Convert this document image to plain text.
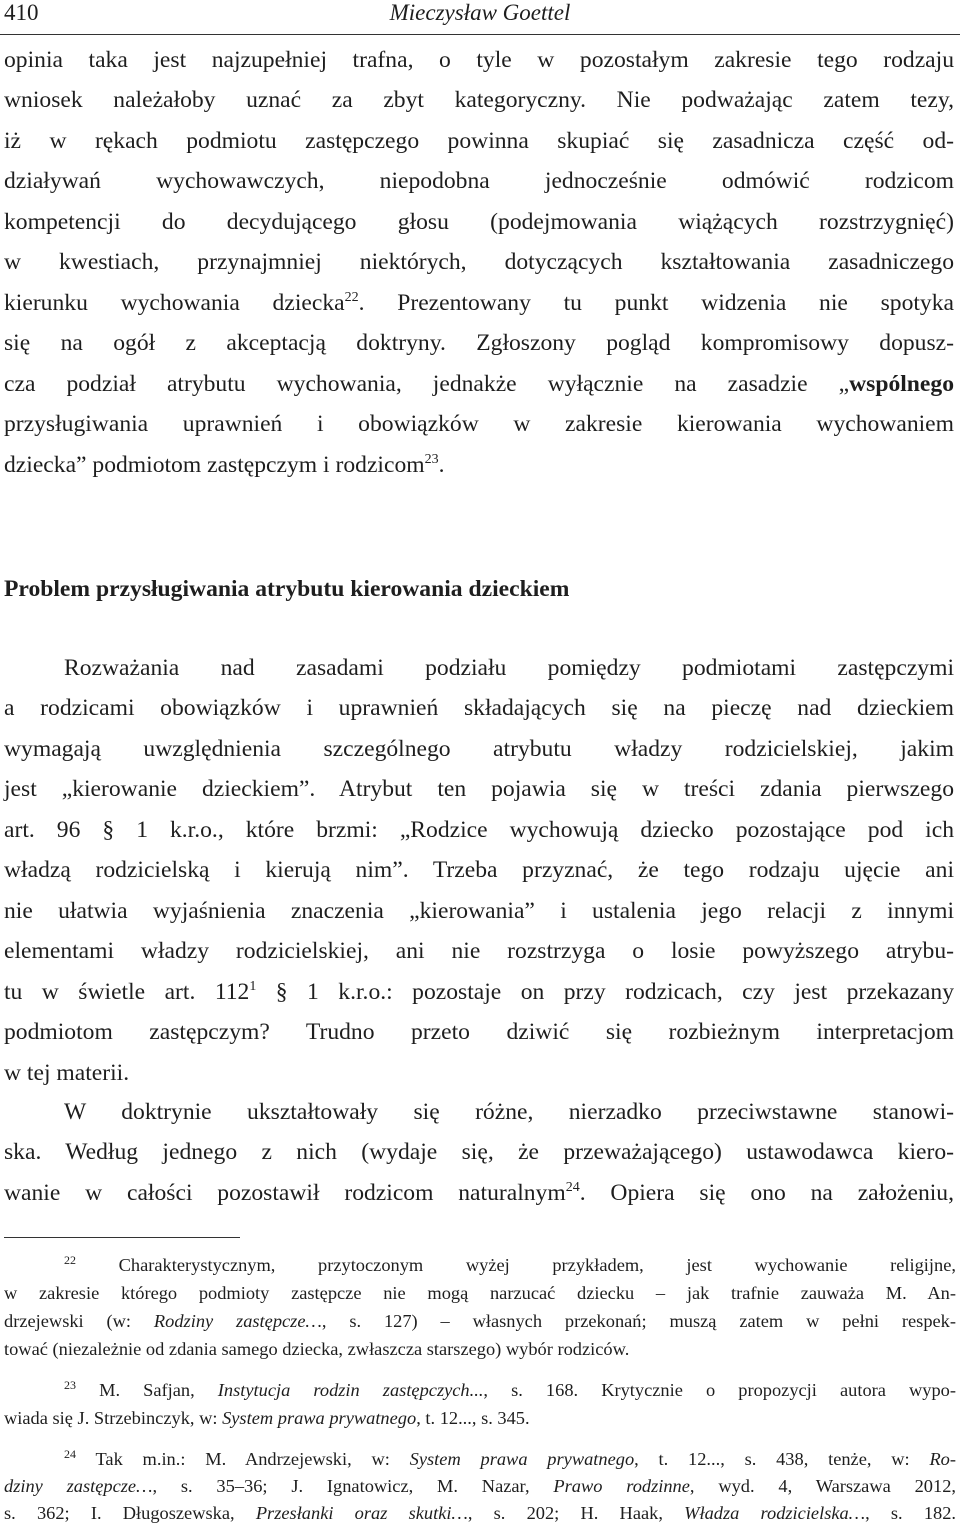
410	Mieczysław Goettel
opinia taka jest najzupełniej trafna, o tyle w pozostałym zakresie tego rodzaju
wniosek należałoby uznać za zbyt kategoryczny. Nie podważając zatem tezy,
iż w rękach podmiotu zastępczego powinna skupiać się zasadnicza część od-
działywań wychowawczych, niepodobna jednocześnie odmówić rodzicom
kompetencji do decydującego głosu (podejmowania wiążących rozstrzygnięć)
w kwestiach, przynajmniej niektórych, dotyczących kształtowania zasadniczego
kierunku wychowania dziecka$^{22}$. Prezentowany tu punkt widzenia nie spotyka
się na ogół z akceptacją doktryny. Zgłoszony pogląd kompromisowy dopusz-
cza podział atrybutu wychowania, jednakże wyłącznie na zasadzie „wspólnego
przysługiwania uprawnień i obowiązków w zakresie kierowania wychowaniem
dziecka” podmiotom zastępczym i rodzicom$^{23}$.
Problem przysługiwania atrybutu kierowania dzieckiem
Rozważania nad zasadami podziału pomiędzy podmiotami zastępczymi
a rodzicami obowiązków i uprawnień składających się na pieczę nad dzieckiem
wymagają uwzględnienia szczególnego atrybutu władzy rodzicielskiej, jakim
jest „kierowanie dzieckiem”. Atrybut ten pojawia się w treści zdania pierwszego
art. 96 § 1 k.r.o., które brzmi: „Rodzice wychowują dziecko pozostające pod ich
władzą rodzicielską i kierują nim”. Trzeba przyznać, że tego rodzaju ujęcie ani
nie ułatwia wyjaśnienia znaczenia „kierowania” i ustalenia jego relacji z innymi
elementami władzy rodzicielskiej, ani nie rozstrzyga o losie powyższego atrybu-
tu w świetle art. $112^1$ § 1 k.r.o.: pozostaje on przy rodzicach, czy jest przekazany
podmiotom zastępczym? Trudno przeto dziwić się rozbieżnym interpretacjom
w tej materii.
W doktrynie ukształtowały się różne, nierzadko przeciwstawne stanowi-
ska. Według jednego z nich (wydaje się, że przeważającego) ustawodawca kiero-
wanie w całości pozostawił rodzicom naturalnym$^{24}$. Opiera się ono na założeniu,
$^{22}$ Charakterystycznym, przytoczonym wyżej przykładem, jest wychowanie religijne,
w zakresie którego podmioty zastępcze nie mogą narzucać dziecku – jak trafnie zauważa M. An-
drzejewski (w: Rodziny zastępcze…, s. 127) – własnych przekonań; muszą zatem w pełni respek-
tować (niezależnie od zdania samego dziecka, zwłaszcza starszego) wybór rodziców.
$^{23}$ M. Safjan, Instytucja rodzin zastępczych..., s. 168. Krytycznie o propozycji autora wypo-
wiada się J. Strzebinczyk, w: System prawa prywatnego, t. 12..., s. 345.
$^{24}$ Tak m.in.: M. Andrzejewski, w: System prawa prywatnego, t. 12..., s. 438, tenże, w: Ro-
dziny zastępcze…, s. 35–36; J. Ignatowicz, M. Nazar, Prawo rodzinne, wyd. 4, Warszawa 2012,
s. 362; I. Długoszewska, Przesłanki oraz skutki…, s. 202; H. Haak, Władza rodzicielska…, s. 182.
